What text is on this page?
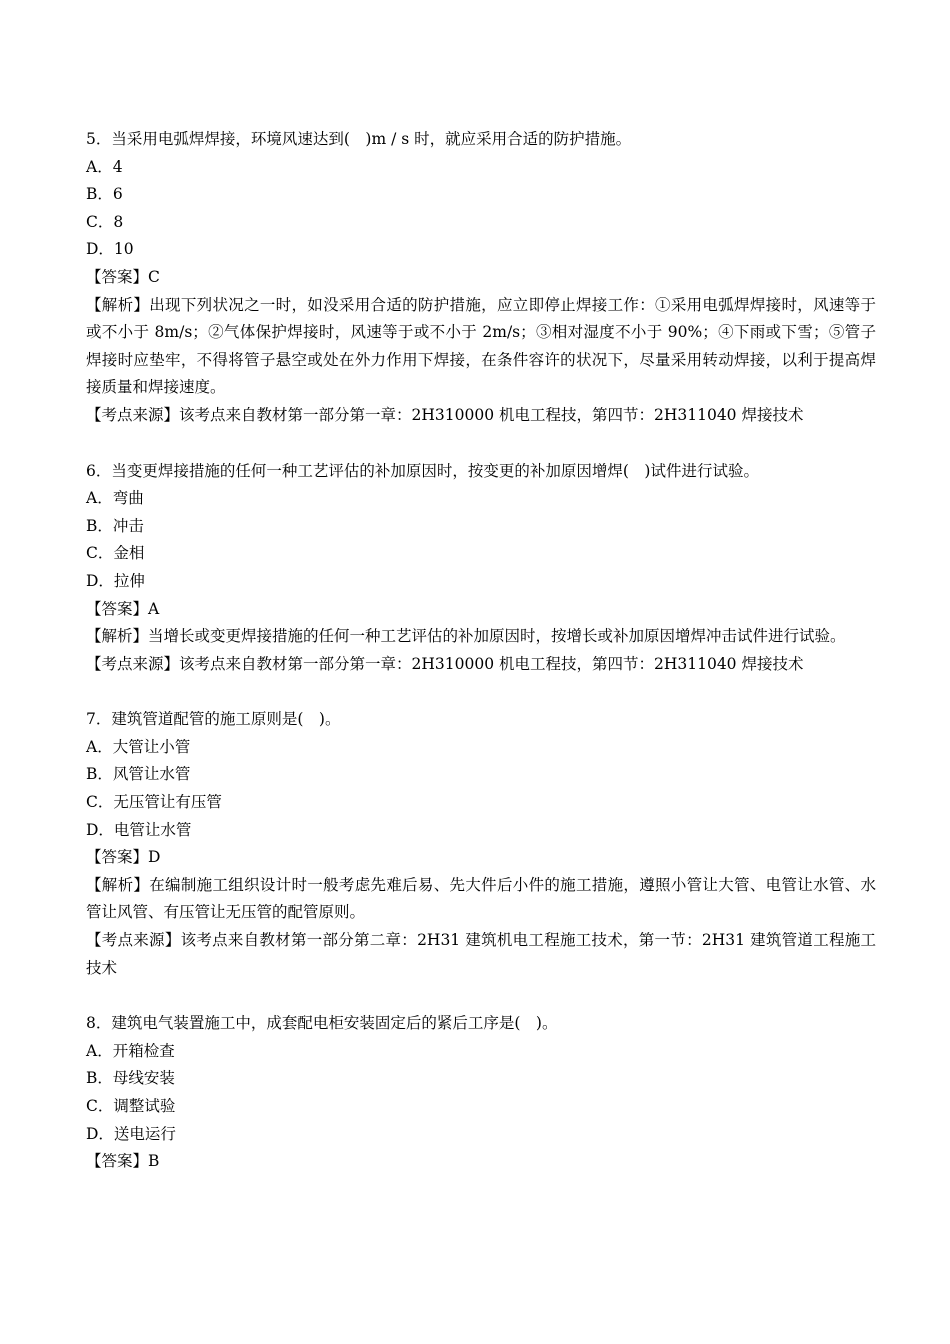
5．当采用电弧焊焊接，环境风速达到(　)m / s 时，就应采用合适的防护措施。

A．4

B．6

C．8

D．10

【答案】C

【解析】出现下列状况之一时，如没采用合适的防护措施，应立即停止焊接工作：①采用电弧焊焊接时，风速等于或不小于 8m/s；②气体保护焊接时，风速等于或不小于 2m/s；③相对湿度不小于 90%；④下雨或下雪；⑤管子焊接时应垫牢，不得将管子悬空或处在外力作用下焊接，在条件容许的状况下，尽量采用转动焊接，以利于提高焊接质量和焊接速度。

【考点来源】该考点来自教材第一部分第一章：2H310000 机电工程技，第四节：2H311040 焊接技术

6．当变更焊接措施的任何一种工艺评估的补加原因时，按变更的补加原因增焊(　)试件进行试验。

A．弯曲

B．冲击

C．金相

D．拉伸

【答案】A

【解析】当增长或变更焊接措施的任何一种工艺评估的补加原因时，按增长或补加原因增焊冲击试件进行试验。

【考点来源】该考点来自教材第一部分第一章：2H310000 机电工程技，第四节：2H311040 焊接技术

7．建筑管道配管的施工原则是(　)。

A．大管让小管

B．风管让水管

C．无压管让有压管

D．电管让水管

【答案】D

【解析】在编制施工组织设计时一般考虑先难后易、先大件后小件的施工措施，遵照小管让大管、电管让水管、水管让风管、有压管让无压管的配管原则。

【考点来源】该考点来自教材第一部分第二章：2H31 建筑机电工程施工技术，第一节：2H31 建筑管道工程施工技术

8．建筑电气装置施工中，成套配电柜安装固定后的紧后工序是(　)。

A．开箱检查

B．母线安装

C．调整试验

D．送电运行

【答案】B
